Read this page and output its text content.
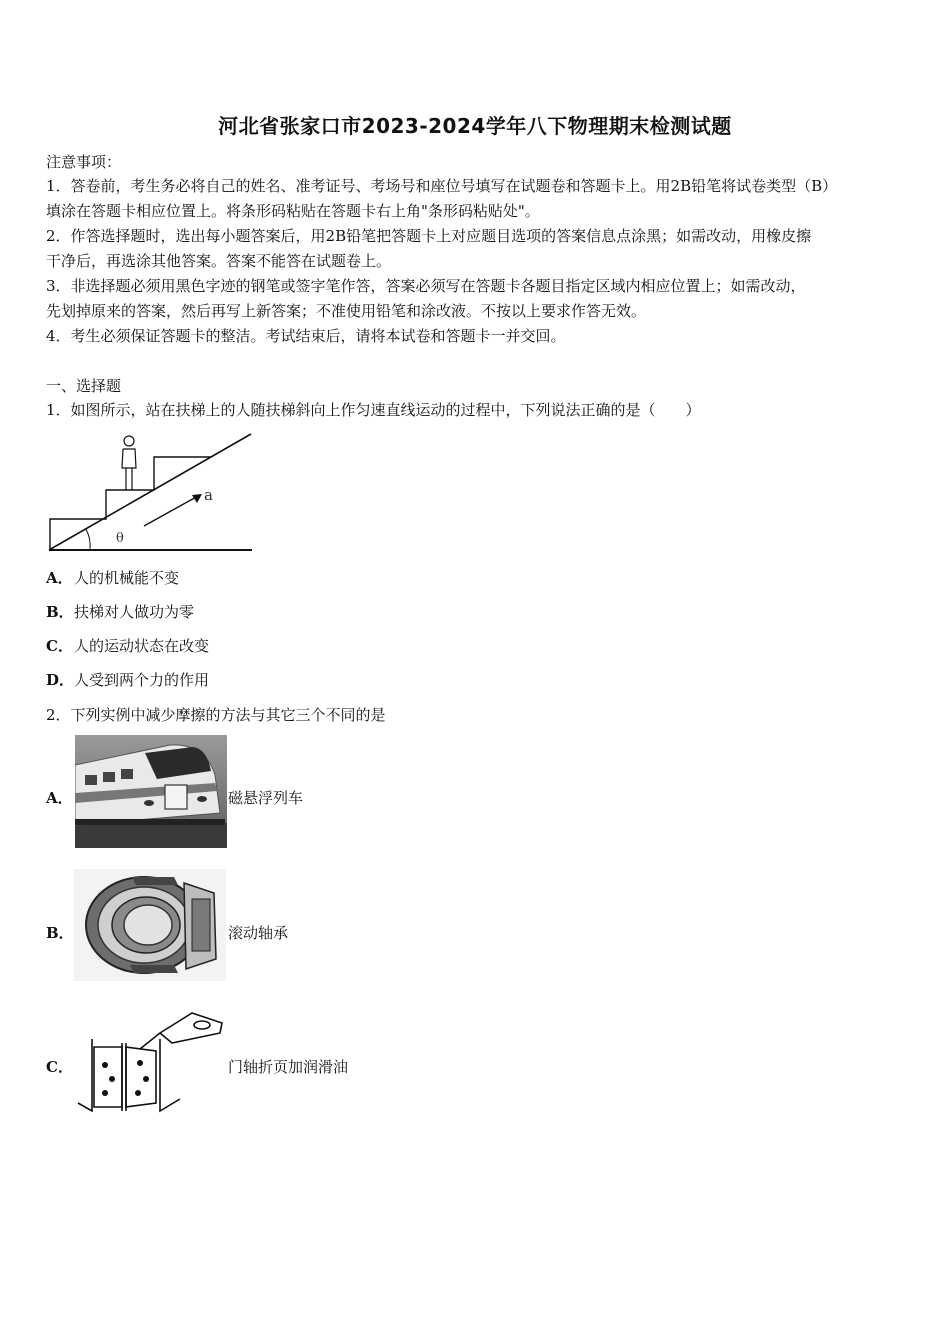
河北省张家口市2023-2024学年八下物理期末检测试题
注意事项：
1．答卷前，考生务必将自己的姓名、准考证号、考场号和座位号填写在试题卷和答题卡上。用2B铅笔将试卷类型（B）
填涂在答题卡相应位置上。将条形码粘贴在答题卡右上角"条形码粘贴处"。
2．作答选择题时，选出每小题答案后，用2B铅笔把答题卡上对应题目选项的答案信息点涂黑；如需改动，用橡皮擦
干净后，再选涂其他答案。答案不能答在试题卷上。
3．非选择题必须用黑色字迹的钢笔或签字笔作答，答案必须写在答题卡各题目指定区域内相应位置上；如需改动，
先划掉原来的答案，然后再写上新答案；不准使用铅笔和涂改液。不按以上要求作答无效。
4．考生必须保证答题卡的整洁。考试结束后，请将本试卷和答题卡一并交回。
一、选择题
1．如图所示，站在扶梯上的人随扶梯斜向上作匀速直线运动的过程中，下列说法正确的是（　　）
a
θ
A．人的机械能不变
B．扶梯对人做功为零
C．人的运动状态在改变
D．人受到两个力的作用
2．下列实例中减少摩擦的方法与其它三个不同的是
A．	磁悬浮列车
B．	滚动轴承
C．	门轴折页加润滑油
